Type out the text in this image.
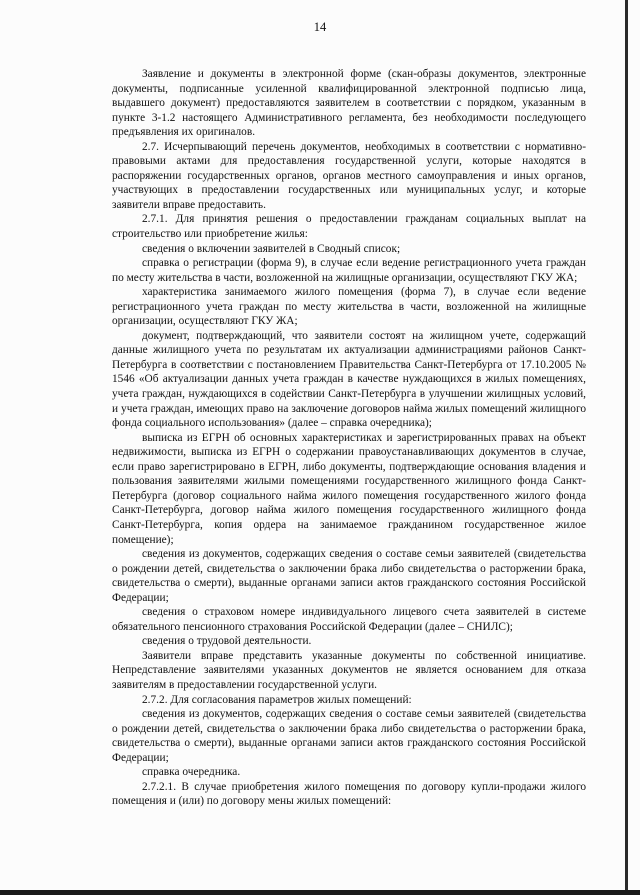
14

Заявление и документы в электронной форме (скан-образы документов, электронные документы, подписанные усиленной квалифицированной электронной подписью лица, выдавшего документ) предоставляются заявителем в соответствии с порядком, указанным в пункте 3-1.2 настоящего Административного регламента, без необходимости последующего предъявления их оригиналов.

2.7. Исчерпывающий перечень документов, необходимых в соответствии с нормативно-правовыми актами для предоставления государственной услуги, которые находятся в распоряжении государственных органов, органов местного самоуправления и иных органов, участвующих в предоставлении государственных или муниципальных услуг, и которые заявители вправе предоставить.

2.7.1. Для принятия решения о предоставлении гражданам социальных выплат на строительство или приобретение жилья:

сведения о включении заявителей в Сводный список;

справка о регистрации (форма 9), в случае если ведение регистрационного учета граждан по месту жительства в части, возложенной на жилищные организации, осуществляют ГКУ ЖА;

характеристика занимаемого жилого помещения (форма 7), в случае если ведение регистрационного учета граждан по месту жительства в части, возложенной на жилищные организации, осуществляют ГКУ ЖА;

документ, подтверждающий, что заявители состоят на жилищном учете, содержащий данные жилищного учета по результатам их актуализации администрациями районов Санкт-Петербурга в соответствии с постановлением Правительства Санкт-Петербурга от 17.10.2005 № 1546 «Об актуализации данных учета граждан в качестве нуждающихся в жилых помещениях, учета граждан, нуждающихся в содействии Санкт-Петербурга в улучшении жилищных условий, и учета граждан, имеющих право на заключение договоров найма жилых помещений жилищного фонда социального использования» (далее – справка очередника);

выписка из ЕГРН об основных характеристиках и зарегистрированных правах на объект недвижимости, выписка из ЕГРН о содержании правоустанавливающих документов в случае, если право зарегистрировано в ЕГРН, либо документы, подтверждающие основания владения и пользования заявителями жилыми помещениями государственного жилищного фонда Санкт-Петербурга (договор социального найма жилого помещения государственного жилого фонда Санкт-Петербурга, договор найма жилого помещения государственного жилищного фонда Санкт-Петербурга, копия ордера на занимаемое гражданином государственное жилое помещение);

сведения из документов, содержащих сведения о составе семьи заявителей (свидетельства о рождении детей, свидетельства о заключении брака либо свидетельства о расторжении брака, свидетельства о смерти), выданные органами записи актов гражданского состояния Российской Федерации;

сведения о страховом номере индивидуального лицевого счета заявителей в системе обязательного пенсионного страхования Российской Федерации (далее – СНИЛС);

сведения о трудовой деятельности.

Заявители вправе представить указанные документы по собственной инициативе. Непредставление заявителями указанных документов не является основанием для отказа заявителям в предоставлении государственной услуги.

2.7.2. Для согласования параметров жилых помещений:

сведения из документов, содержащих сведения о составе семьи заявителей (свидетельства о рождении детей, свидетельства о заключении брака либо свидетельства о расторжении брака, свидетельства о смерти), выданные органами записи актов гражданского состояния Российской Федерации;

справка очередника.

2.7.2.1. В случае приобретения жилого помещения по договору купли-продажи жилого помещения и (или) по договору мены жилых помещений:
